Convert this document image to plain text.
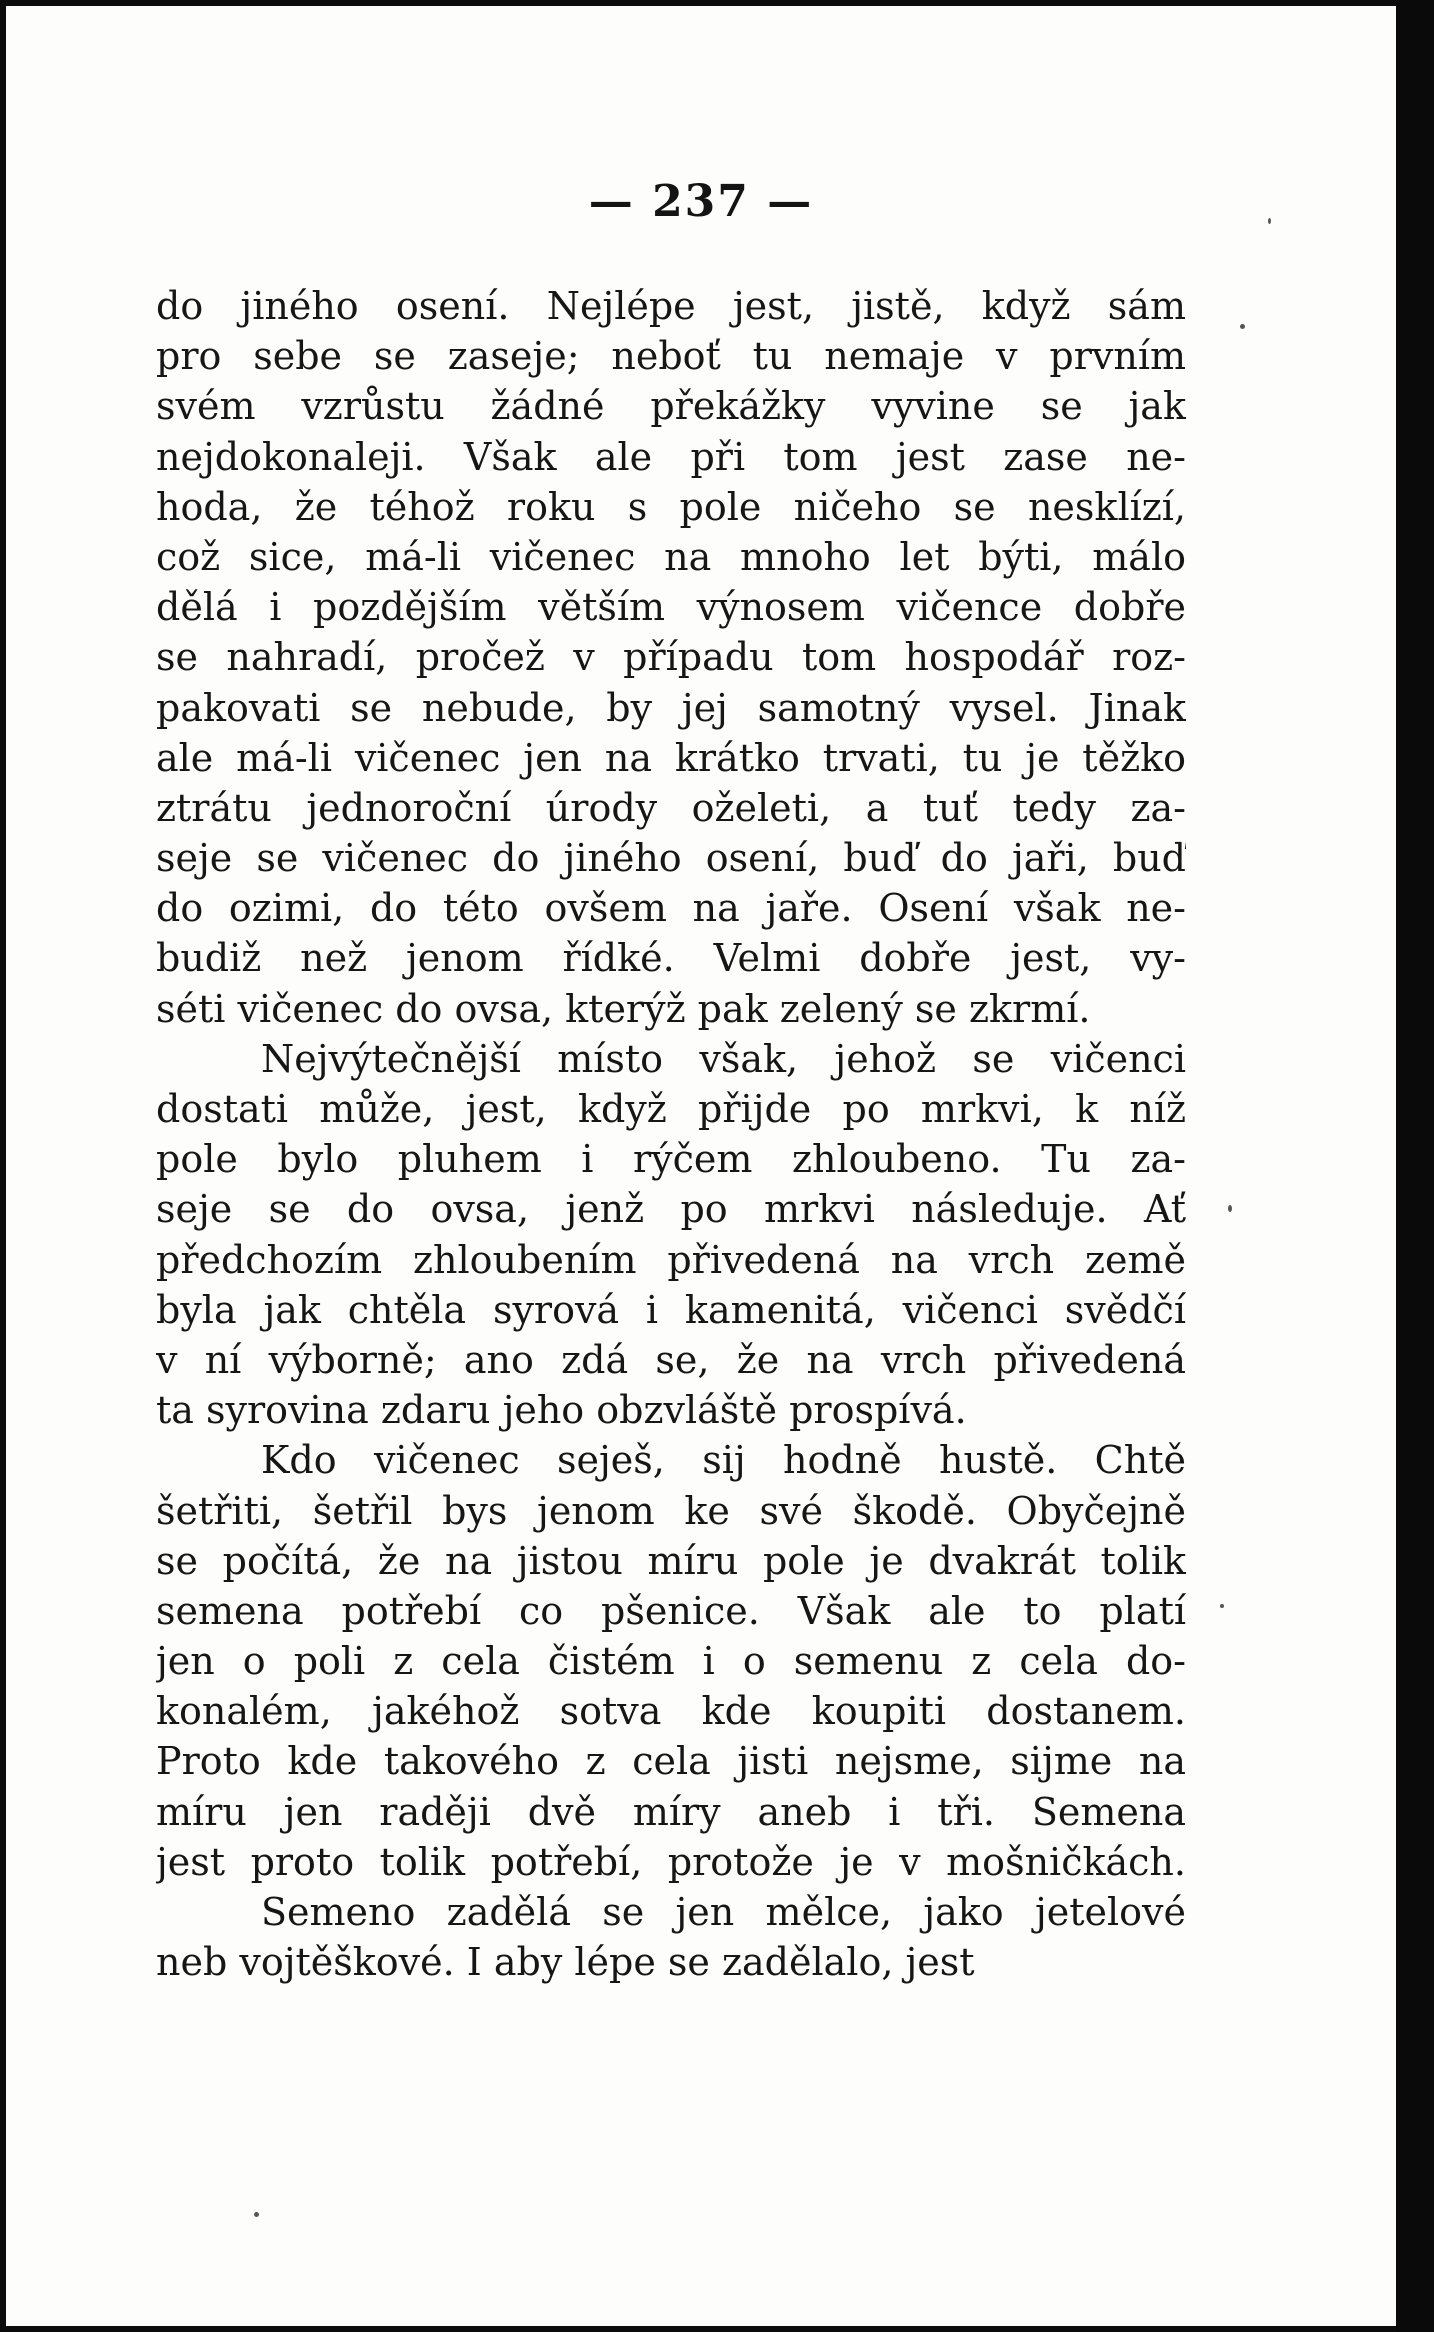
— 237 —
do jiného osení. Nejlépe jest, jistě, když sám
pro sebe se zaseje; neboť tu nemaje v prvním
svém vzrůstu žádné překážky vyvine se jak
nejdokonaleji. Však ale při tom jest zase ne-
hoda, že téhož roku s pole ničeho se nesklízí,
což sice, má-li vičenec na mnoho let býti, málo
dělá i pozdějším větším výnosem vičence dobře
se nahradí, pročež v případu tom hospodář roz-
pakovati se nebude, by jej samotný vysel. Jinak
ale má-li vičenec jen na krátko trvati, tu je těžko
ztrátu jednoroční úrody oželeti, a tuť tedy za-
seje se vičenec do jiného osení, buď do jaři, buď
do ozimi, do této ovšem na jaře. Osení však ne-
budiž než jenom řídké. Velmi dobře jest, vy-
séti vičenec do ovsa, kterýž pak zelený se zkrmí.
Nejvýtečnější místo však, jehož se vičenci
dostati může, jest, když přijde po mrkvi, k níž
pole bylo pluhem i rýčem zhloubeno. Tu za-
seje se do ovsa, jenž po mrkvi následuje. Ať
předchozím zhloubením přivedená na vrch země
byla jak chtěla syrová i kamenitá, vičenci svědčí
v ní výborně; ano zdá se, že na vrch přivedená
ta syrovina zdaru jeho obzvláště prospívá.
Kdo vičenec seješ, sij hodně hustě. Chtě
šetřiti, šetřil bys jenom ke své škodě. Obyčejně
se počítá, že na jistou míru pole je dvakrát tolik
semena potřebí co pšenice. Však ale to platí
jen o poli z cela čistém i o semenu z cela do-
konalém, jakéhož sotva kde koupiti dostanem.
Proto kde takového z cela jisti nejsme, sijme na
míru jen raději dvě míry aneb i tři. Semena
jest proto tolik potřebí, protože je v mošničkách.
Semeno zadělá se jen mělce, jako jetelové
neb vojtěškové. I aby lépe se zadělalo, jest
